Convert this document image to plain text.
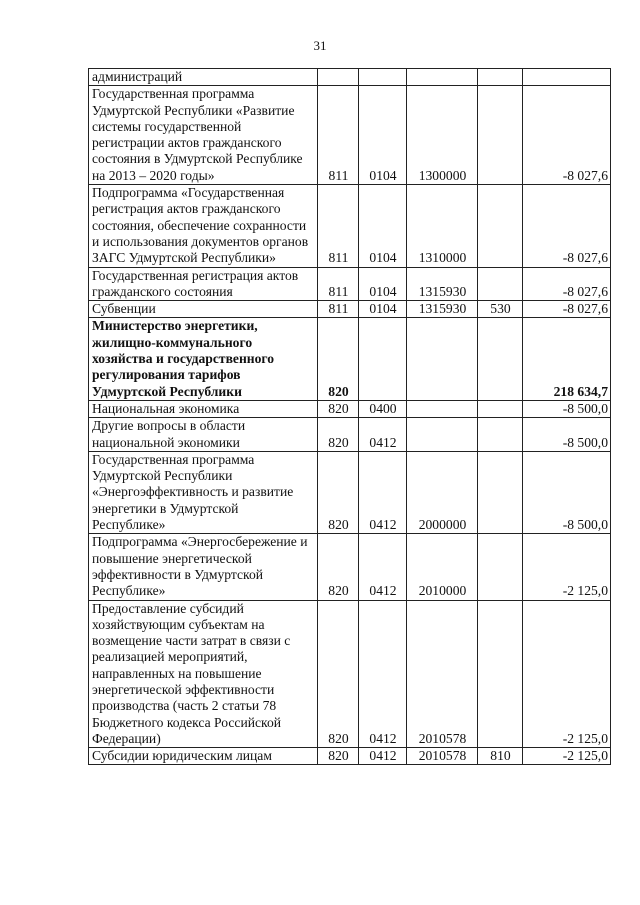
31
администраций					
Государственная программа Удмуртской Республики «Развитие системы государственной регистрации актов гражданского состояния в Удмуртской Республике на 2013 – 2020 годы»	811	0104	1300000		-8 027,6
Подпрограмма «Государственная регистрация актов гражданского состояния, обеспечение сохранности и использования документов органов ЗАГС Удмуртской Республики»	811	0104	1310000		-8 027,6
Государственная регистрация актов гражданского состояния	811	0104	1315930		-8 027,6
Субвенции	811	0104	1315930	530	-8 027,6
Министерство энергетики, жилищно-коммунального хозяйства и государственного регулирования тарифов Удмуртской Республики	820				218 634,7
Национальная экономика	820	0400			-8 500,0
Другие вопросы в области национальной экономики	820	0412			-8 500,0
Государственная программа Удмуртской Республики «Энергоэффективность и развитие энергетики в Удмуртской Республике»	820	0412	2000000		-8 500,0
Подпрограмма «Энергосбережение и повышение энергетической эффективности в Удмуртской Республике»	820	0412	2010000		-2 125,0
Предоставление субсидий хозяйствующим субъектам на возмещение части затрат в связи с реализацией мероприятий, направленных на повышение энергетической эффективности производства (часть 2 статьи 78 Бюджетного кодекса Российской Федерации)	820	0412	2010578		-2 125,0
Субсидии юридическим лицам	820	0412	2010578	810	-2 125,0
